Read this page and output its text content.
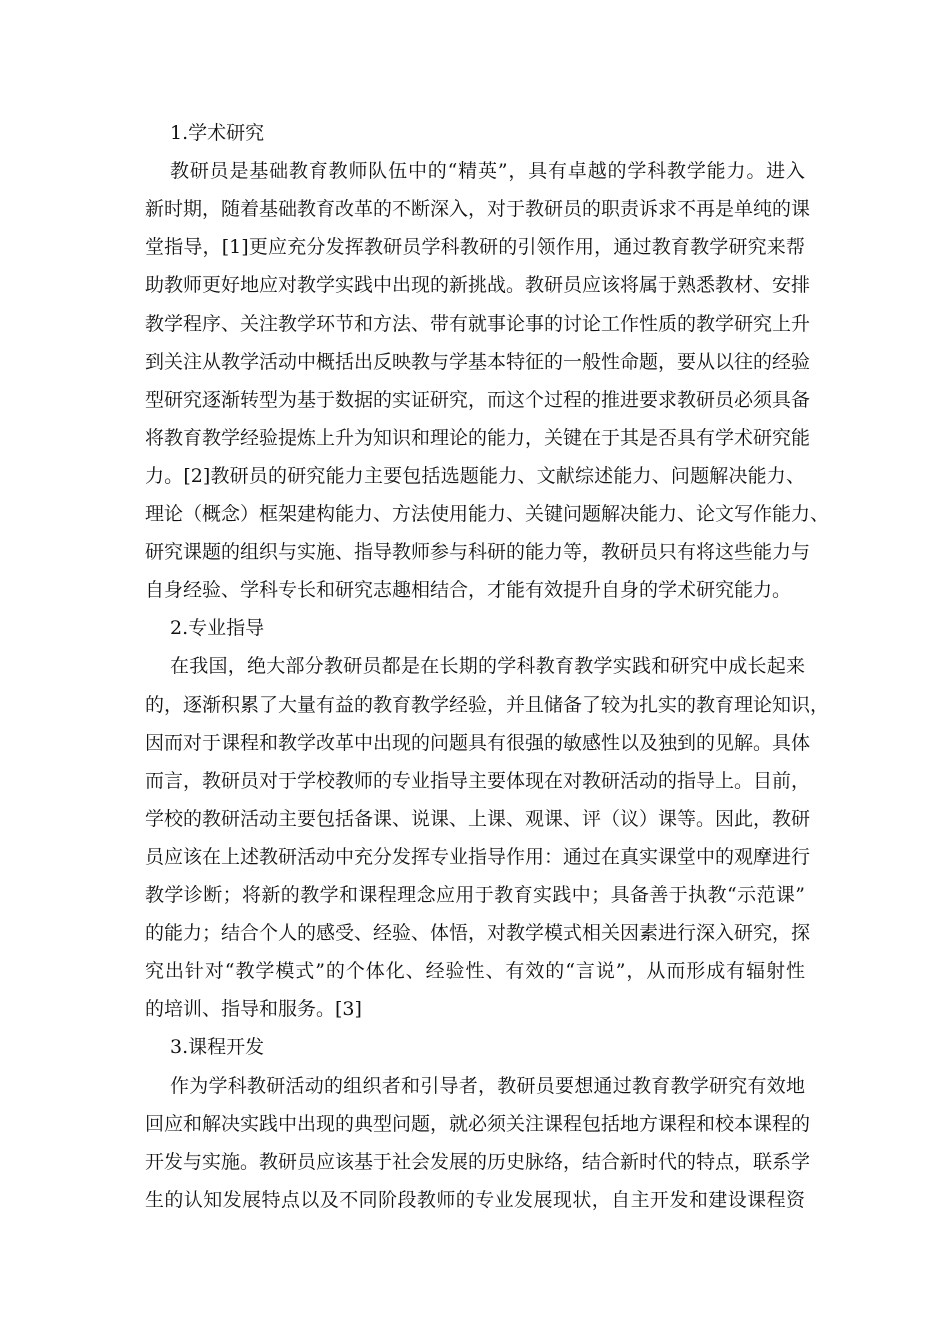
1.学术研究
教研员是基础教育教师队伍中的“精英”，具有卓越的学科教学能力。进入
新时期，随着基础教育改革的不断深入，对于教研员的职责诉求不再是单纯的课
堂指导，[1]更应充分发挥教研员学科教研的引领作用，通过教育教学研究来帮
助教师更好地应对教学实践中出现的新挑战。教研员应该将属于熟悉教材、安排
教学程序、关注教学环节和方法、带有就事论事的讨论工作性质的教学研究上升
到关注从教学活动中概括出反映教与学基本特征的一般性命题，要从以往的经验
型研究逐渐转型为基于数据的实证研究，而这个过程的推进要求教研员必须具备
将教育教学经验提炼上升为知识和理论的能力，关键在于其是否具有学术研究能
力。[2]教研员的研究能力主要包括选题能力、文献综述能力、问题解决能力、
理论（概念）框架建构能力、方法使用能力、关键问题解决能力、论文写作能力、
研究课题的组织与实施、指导教师参与科研的能力等，教研员只有将这些能力与
自身经验、学科专长和研究志趣相结合，才能有效提升自身的学术研究能力。
2.专业指导
在我国，绝大部分教研员都是在长期的学科教育教学实践和研究中成长起来
的，逐渐积累了大量有益的教育教学经验，并且储备了较为扎实的教育理论知识，
因而对于课程和教学改革中出现的问题具有很强的敏感性以及独到的见解。具体
而言，教研员对于学校教师的专业指导主要体现在对教研活动的指导上。目前，
学校的教研活动主要包括备课、说课、上课、观课、评（议）课等。因此，教研
员应该在上述教研活动中充分发挥专业指导作用：通过在真实课堂中的观摩进行
教学诊断；将新的教学和课程理念应用于教育实践中；具备善于执教“示范课”
的能力；结合个人的感受、经验、体悟，对教学模式相关因素进行深入研究，探
究出针对“教学模式”的个体化、经验性、有效的“言说”，从而形成有辐射性
的培训、指导和服务。[3]
3.课程开发
作为学科教研活动的组织者和引导者，教研员要想通过教育教学研究有效地
回应和解决实践中出现的典型问题，就必须关注课程包括地方课程和校本课程的
开发与实施。教研员应该基于社会发展的历史脉络，结合新时代的特点，联系学
生的认知发展特点以及不同阶段教师的专业发展现状，自主开发和建设课程资
